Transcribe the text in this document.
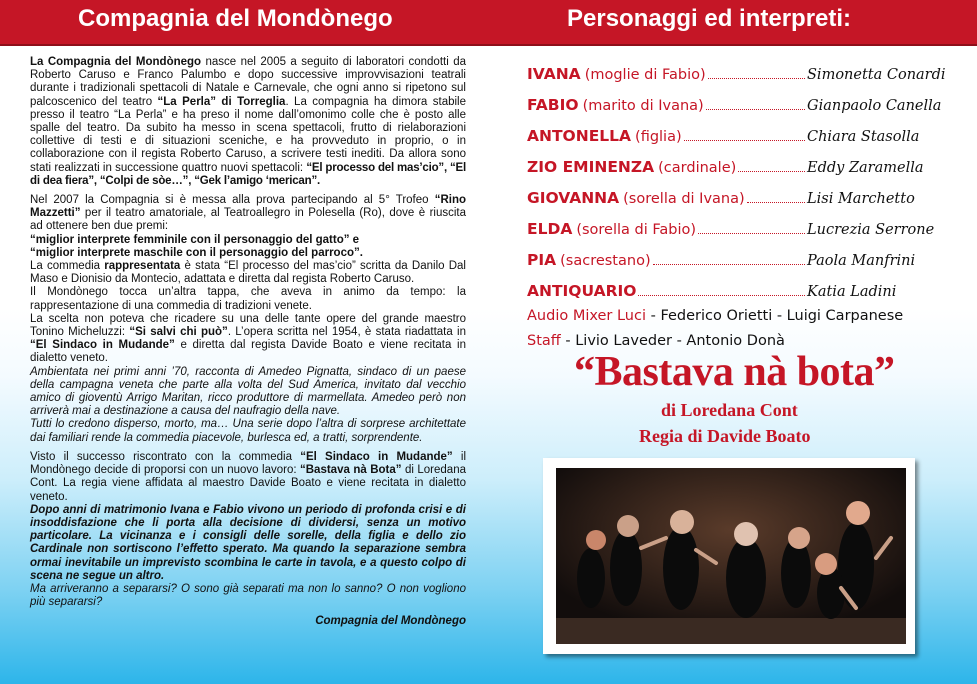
Compagnia del Mondònego	Personaggi ed interpreti:

La Compagnia del Mondònego nasce nel 2005 a seguito di laboratori condotti da Roberto Caruso e Franco Palumbo e dopo successive improvvisazioni teatrali durante i tradizionali spettacoli di Natale e Carnevale, che ogni anno si ripetono sul palcoscenico del teatro “La Perla” di Torreglia. La compagnia ha dimora stabile presso il teatro “La Perla” e ha preso il nome dall’omonimo colle che è posto alle spalle del teatro. Da subito ha messo in scena spettacoli, frutto di rielaborazioni collettive di testi e di situazioni sceniche, e ha provveduto in proprio, o in collaborazione con il regista Roberto Caruso, a scrivere testi inediti. Da allora sono stati realizzati in successione quattro nuovi spettacoli: “El processo del mas’cio”, “El di dea fiera”, “Colpi de sòe…”, “Gek l’amigo ‘merican”.

Nel 2007 la Compagnia si è messa alla prova partecipando al 5° Trofeo “Rino Mazzetti” per il teatro amatoriale, al Teatroallegro in Polesella (Ro), dove è riuscita ad ottenere ben due premi:
“miglior interprete femminile con il personaggio del gatto” e
“miglior interprete maschile con il personaggio del parroco”.

La commedia rappresentata è stata “El processo del mas’cio” scritta da Danilo Dal Maso e Dionisio da Montecio, adattata e diretta dal regista Roberto Caruso.

Il Mondònego tocca un’altra tappa, che aveva in animo da tempo: la rappresentazione di una commedia di tradizioni venete.

La scelta non poteva che ricadere su una delle tante opere del grande maestro Tonino Micheluzzi: “Si salvi chi può”. L’opera scritta nel 1954, è stata riadattata in “El Sindaco in Mudande” e diretta dal regista Davide Boato e viene recitata in dialetto veneto.

Ambientata nei primi anni ’70, racconta di Amedeo Pignatta, sindaco di un paese della campagna veneta che parte alla volta del Sud America, invitato dal vecchio amico di gioventù Arrigo Maritan, ricco produttore di marmellata. Amedeo però non arriverà mai a destinazione a causa del naufragio della nave.

Tutti lo credono disperso, morto, ma… Una serie dopo l’altra di sorprese architettate dai familiari rende la commedia piacevole, burlesca ed, a tratti, sorprendente.

Visto il successo riscontrato con la commedia “El Sindaco in Mudande” il Mondònego decide di proporsi con un nuovo lavoro: “Bastava nà Bota” di Loredana Cont. La regia viene affidata al maestro Davide Boato e viene recitata in dialetto veneto.

Dopo anni di matrimonio Ivana e Fabio vivono un periodo di profonda crisi e di insoddisfazione che li porta alla decisione di dividersi, senza un motivo particolare. La vicinanza e i consigli delle sorelle, della figlia e dello zio Cardinale non sortiscono l’effetto sperato. Ma quando la separazione sembra ormai inevitabile un imprevisto scombina le carte in tavola, e a questo colpo di scena ne segue un altro.

Ma arriveranno a separarsi? O sono già separati ma non lo sanno? O non vogliono più separarsi?

Compagnia del Mondònego
IVANA (moglie di Fabio)	Simonetta Conardi
FABIO (marito di Ivana)	Gianpaolo Canella
ANTONELLA (figlia)	Chiara Stasolla
ZIO EMINENZA (cardinale)	Eddy Zaramella
GIOVANNA (sorella di Ivana)	Lisi Marchetto
ELDA (sorella di Fabio)	Lucrezia Serrone
PIA (sacrestano)	Paola Manfrini
ANTIQUARIO	Katia Ladini
Audio Mixer Luci - Federico Orietti - Luigi Carpanese
Staff - Livio Laveder - Antonio Donà
“Bastava nà bota”
di Loredana Cont
Regia di Davide Boato
